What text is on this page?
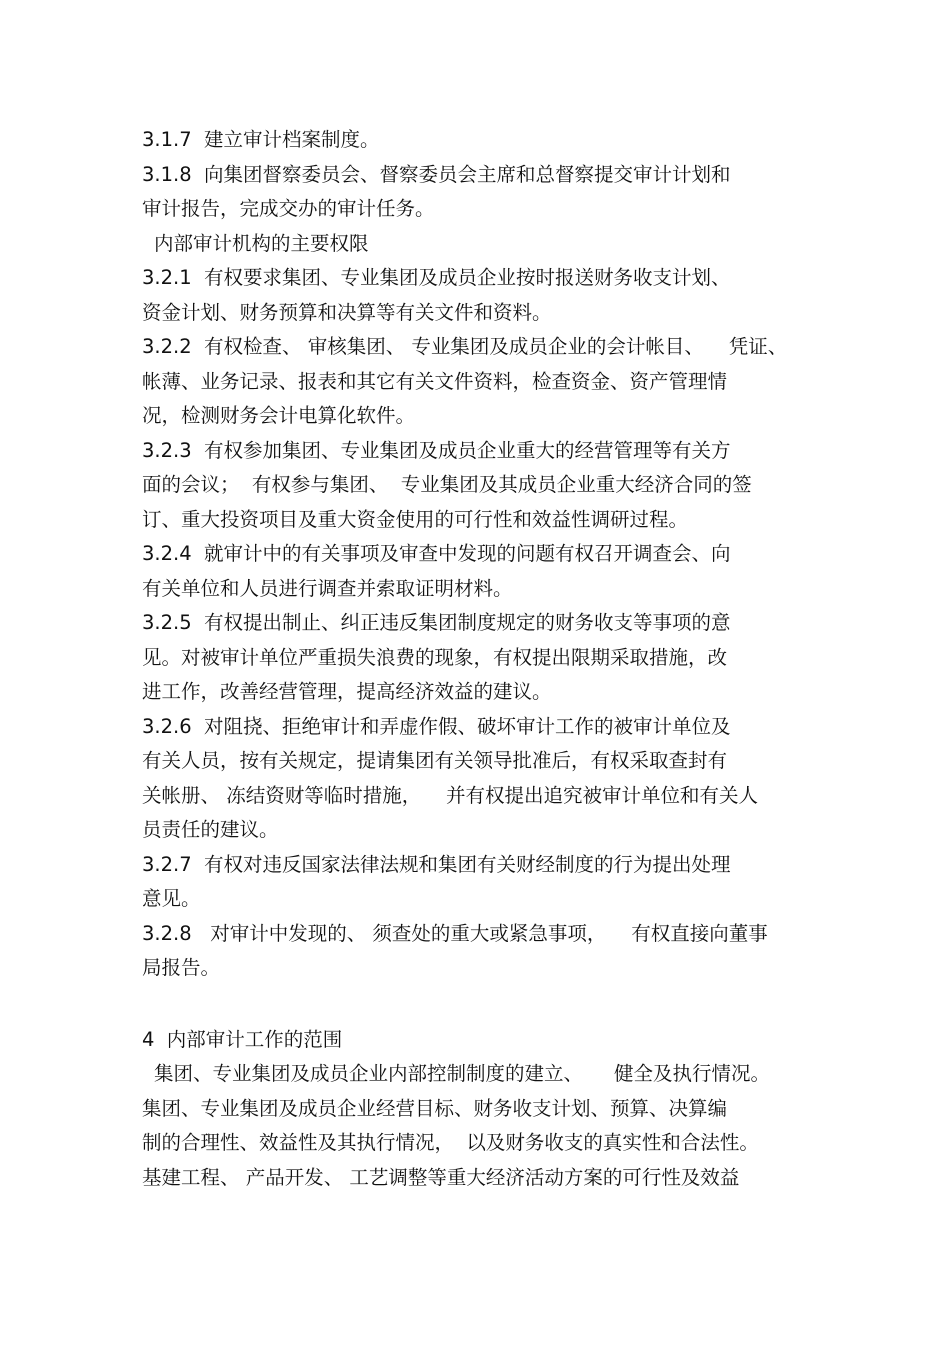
3.1.7  建立审计档案制度。
3.1.8  向集团督察委员会、督察委员会主席和总督察提交审计计划和
审计报告，完成交办的审计任务。
内部审计机构的主要权限
3.2.1  有权要求集团、专业集团及成员企业按时报送财务收支计划、
资金计划、财务预算和决算等有关文件和资料。
3.2.2  有权检查、 审核集团、 专业集团及成员企业的会计帐目、    凭证、
帐薄、业务记录、报表和其它有关文件资料，检查资金、资产管理情
况，检测财务会计电算化软件。
3.2.3  有权参加集团、专业集团及成员企业重大的经营管理等有关方
面的会议；  有权参与集团、  专业集团及其成员企业重大经济合同的签
订、重大投资项目及重大资金使用的可行性和效益性调研过程。
3.2.4  就审计中的有关事项及审查中发现的问题有权召开调查会、向
有关单位和人员进行调查并索取证明材料。
3.2.5  有权提出制止、纠正违反集团制度规定的财务收支等事项的意
见。对被审计单位严重损失浪费的现象，有权提出限期采取措施，改
进工作，改善经营管理，提高经济效益的建议。
3.2.6  对阻挠、拒绝审计和弄虚作假、破坏审计工作的被审计单位及
有关人员，按有关规定，提请集团有关领导批准后，有权采取查封有
关帐册、 冻结资财等临时措施，    并有权提出追究被审计单位和有关人
员责任的建议。
3.2.7  有权对违反国家法律法规和集团有关财经制度的行为提出处理
意见。
3.2.8   对审计中发现的、 须查处的重大或紧急事项，    有权直接向董事
局报告。
4  内部审计工作的范围
集团、专业集团及成员企业内部控制制度的建立、     健全及执行情况。
集团、专业集团及成员企业经营目标、财务收支计划、预算、决算编
制的合理性、效益性及其执行情况，  以及财务收支的真实性和合法性。
基建工程、 产品开发、 工艺调整等重大经济活动方案的可行性及效益
